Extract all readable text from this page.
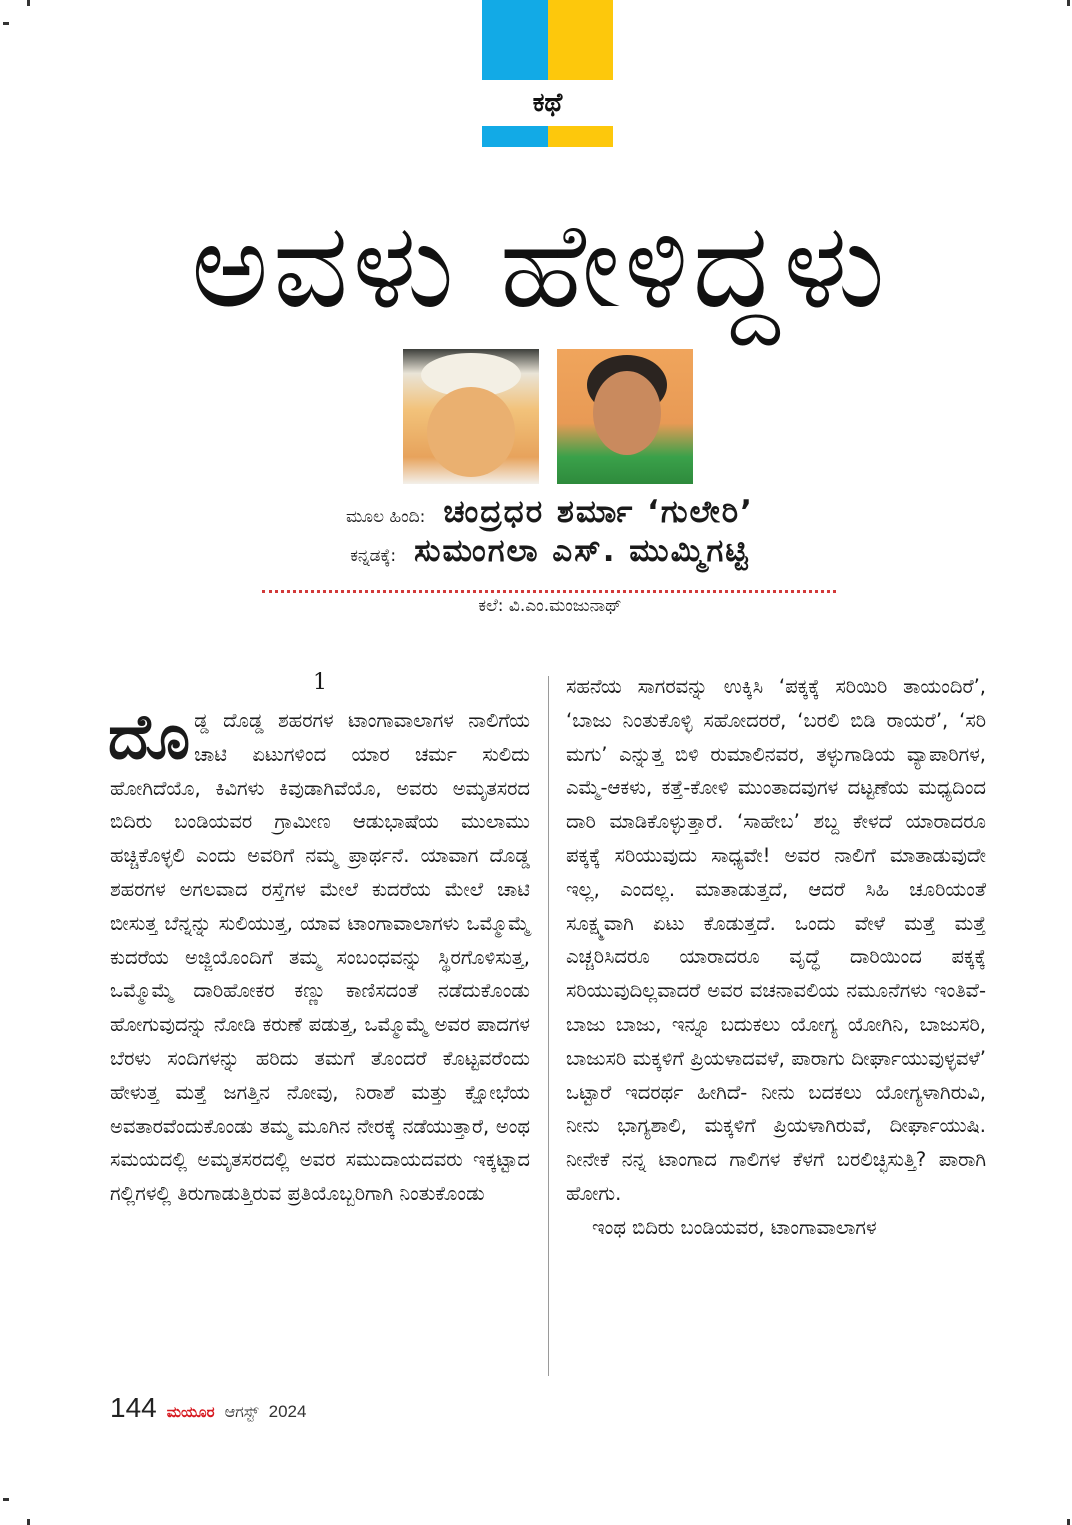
ಕಥೆ
ಅವಳು ಹೇಳಿದ್ದಳು
ಮೂಲ ಹಿಂದಿ: ಚಂದ್ರಧರ ಶರ್ಮಾ ‘ಗುಲೇರಿ’
ಕನ್ನಡಕ್ಕೆ: ಸುಮಂಗಲಾ ಎಸ್. ಮುಮ್ಮಿಗಟ್ಟಿ
ಕಲೆ: ವಿ.ಎಂ.ಮಂಜುನಾಥ್
1

ದೊಡ್ಡ ದೊಡ್ಡ ಶಹರಗಳ ಟಾಂಗಾವಾಲಾಗಳ ನಾಲಿಗೆಯ ಚಾಟಿ ಏಟುಗಳಿಂದ ಯಾರ ಚರ್ಮ ಸುಲಿದು ಹೋಗಿದೆಯೊ, ಕಿವಿಗಳು ಕಿವುಡಾಗಿವೆಯೊ, ಅವರು ಅಮೃತಸರದ ಬಿದಿರು ಬಂಡಿಯವರ ಗ್ರಾಮೀಣ ಆಡುಭಾಷೆಯ ಮುಲಾಮು ಹಚ್ಚಿಕೊಳ್ಳಲಿ ಎಂದು ಅವರಿಗೆ ನಮ್ಮ ಪ್ರಾರ್ಥನೆ. ಯಾವಾಗ ದೊಡ್ಡ ಶಹರಗಳ ಅಗಲವಾದ ರಸ್ತೆಗಳ ಮೇಲೆ ಕುದರೆಯ ಮೇಲೆ ಚಾಟಿ ಬೀಸುತ್ತ ಬೆನ್ನನ್ನು ಸುಲಿಯುತ್ತ, ಯಾವ ಟಾಂಗಾವಾಲಾಗಳು ಒಮ್ಮೊಮ್ಮೆ ಕುದರೆಯ ಅಜ್ಜಿಯೊಂದಿಗೆ ತಮ್ಮ ಸಂಬಂಧವನ್ನು ಸ್ಥಿರಗೊಳಿಸುತ್ತ, ಒಮ್ಮೊಮ್ಮೆ ದಾರಿಹೋಕರ ಕಣ್ಣು ಕಾಣಿಸದಂತೆ ನಡೆದುಕೊಂಡು ಹೋಗುವುದನ್ನು ನೋಡಿ ಕರುಣೆ ಪಡುತ್ತ, ಒಮ್ಮೊಮ್ಮೆ ಅವರ ಪಾದಗಳ ಬೆರಳು ಸಂದಿಗಳನ್ನು ಹರಿದು ತಮಗೆ ತೊಂದರೆ ಕೊಟ್ಟವರೆಂದು ಹೇಳುತ್ತ ಮತ್ತೆ ಜಗತ್ತಿನ ನೋವು, ನಿರಾಶೆ ಮತ್ತು ಕ್ಷೋಭೆಯ ಅವತಾರವೆಂದುಕೊಂಡು ತಮ್ಮ ಮೂಗಿನ ನೇರಕ್ಕೆ ನಡೆಯುತ್ತಾರೆ, ಅಂಥ ಸಮಯದಲ್ಲಿ ಅಮೃತಸರದಲ್ಲಿ ಅವರ ಸಮುದಾಯದವರು ಇಕ್ಕಟ್ಟಾದ ಗಲ್ಲಿಗಳಲ್ಲಿ ತಿರುಗಾಡುತ್ತಿರುವ ಪ್ರತಿಯೊಬ್ಬರಿಗಾಗಿ ನಿಂತುಕೊಂಡು

ಸಹನೆಯ ಸಾಗರವನ್ನು ಉಕ್ಕಿಸಿ ‘ಪಕ್ಕಕ್ಕೆ ಸರಿಯಿರಿ ತಾಯಂದಿರೆ’, ‘ಬಾಜು ನಿಂತುಕೊಳ್ಳಿ ಸಹೋದರರೆ, ‘ಬರಲಿ ಬಿಡಿ ರಾಯರೆ’, ‘ಸರಿ ಮಗು’ ಎನ್ನುತ್ತ ಬಿಳಿ ರುಮಾಲಿನವರ, ತಳ್ಳುಗಾಡಿಯ ವ್ಯಾಪಾರಿಗಳ, ಎಮ್ಮೆ-ಆಕಳು, ಕತ್ತೆ-ಕೋಳಿ ಮುಂತಾದವುಗಳ ದಟ್ಟಣೆಯ ಮಧ್ಯದಿಂದ ದಾರಿ ಮಾಡಿಕೊಳ್ಳುತ್ತಾರೆ. ‘ಸಾಹೇಬ’ ಶಬ್ದ ಕೇಳದೆ ಯಾರಾದರೂ ಪಕ್ಕಕ್ಕೆ ಸರಿಯುವುದು ಸಾಧ್ಯವೇ! ಅವರ ನಾಲಿಗೆ ಮಾತಾಡುವುದೇ ಇಲ್ಲ, ಎಂದಲ್ಲ. ಮಾತಾಡುತ್ತದೆ, ಆದರೆ ಸಿಹಿ ಚೂರಿಯಂತೆ ಸೂಕ್ಷ್ಮವಾಗಿ ಏಟು ಕೊಡುತ್ತದೆ. ಒಂದು ವೇಳೆ ಮತ್ತೆ ಮತ್ತೆ ಎಚ್ಚರಿಸಿದರೂ ಯಾರಾದರೂ ವೃದ್ಧೆ ದಾರಿಯಿಂದ ಪಕ್ಕಕ್ಕೆ ಸರಿಯುವುದಿಲ್ಲವಾದರೆ ಅವರ ವಚನಾವಲಿಯ ನಮೂನೆಗಳು ಇಂತಿವೆ- ಬಾಜು ಬಾಜು, ಇನ್ನೂ ಬದುಕಲು ಯೋಗ್ಯ ಯೋಗಿನಿ, ಬಾಜುಸರಿ, ಬಾಜುಸರಿ ಮಕ್ಕಳಿಗೆ ಪ್ರಿಯಳಾದವಳೆ, ಪಾರಾಗು ದೀರ್ಘಾಯುವುಳ್ಳವಳೆ’ ಒಟ್ಟಾರೆ ಇದರರ್ಥ ಹೀಗಿದೆ- ನೀನು ಬದಕಲು ಯೋಗ್ಯಳಾಗಿರುವಿ, ನೀನು ಭಾಗ್ಯಶಾಲಿ, ಮಕ್ಕಳಿಗೆ ಪ್ರಿಯಳಾಗಿರುವೆ, ದೀರ್ಘಾಯುಷಿ. ನೀನೇಕೆ ನನ್ನ ಟಾಂಗಾದ ಗಾಲಿಗಳ ಕೆಳಗೆ ಬರಲಿಚ್ಛಿಸುತ್ತಿ? ಪಾರಾಗಿ ಹೋಗು.

ಇಂಥ ಬಿದಿರು ಬಂಡಿಯವರ, ಟಾಂಗಾವಾಲಾಗಳ

144 ಮಯೂರ ಆಗಸ್ಟ್ 2024
